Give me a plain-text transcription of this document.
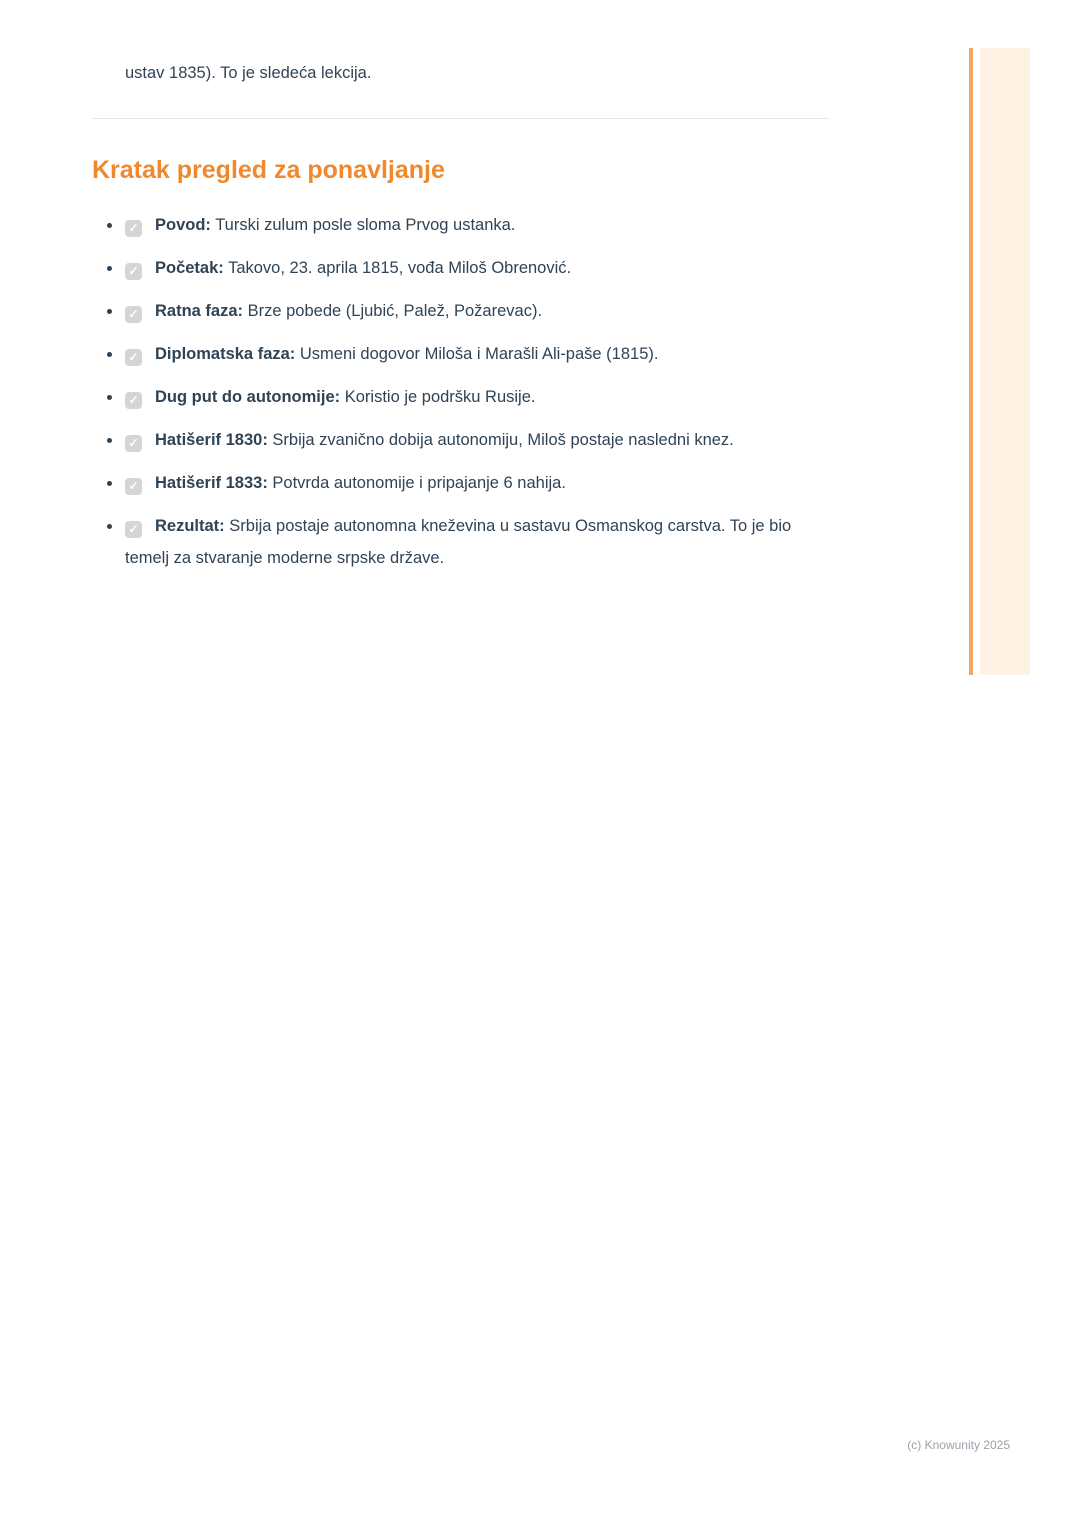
ustav 1835). To je sledeća lekcija.

Kratak pregled za ponavljanje
✓ Povod: Turski zulum posle sloma Prvog ustanka.
✓ Početak: Takovo, 23. aprila 1815, vođa Miloš Obrenović.
✓ Ratna faza: Brze pobede (Ljubić, Palež, Požarevac).
✓ Diplomatska faza: Usmeni dogovor Miloša i Marašli Ali-paše (1815).
✓ Dug put do autonomije: Koristio je podršku Rusije.
✓ Hatišerif 1830: Srbija zvanično dobija autonomiju, Miloš postaje nasledni knez.
✓ Hatišerif 1833: Potvrda autonomije i pripajanje 6 nahija.
✓ Rezultat: Srbija postaje autonomna kneževina u sastavu Osmanskog carstva. To je bio temelj za stvaranje moderne srpske države.
(c) Knowunity 2025
